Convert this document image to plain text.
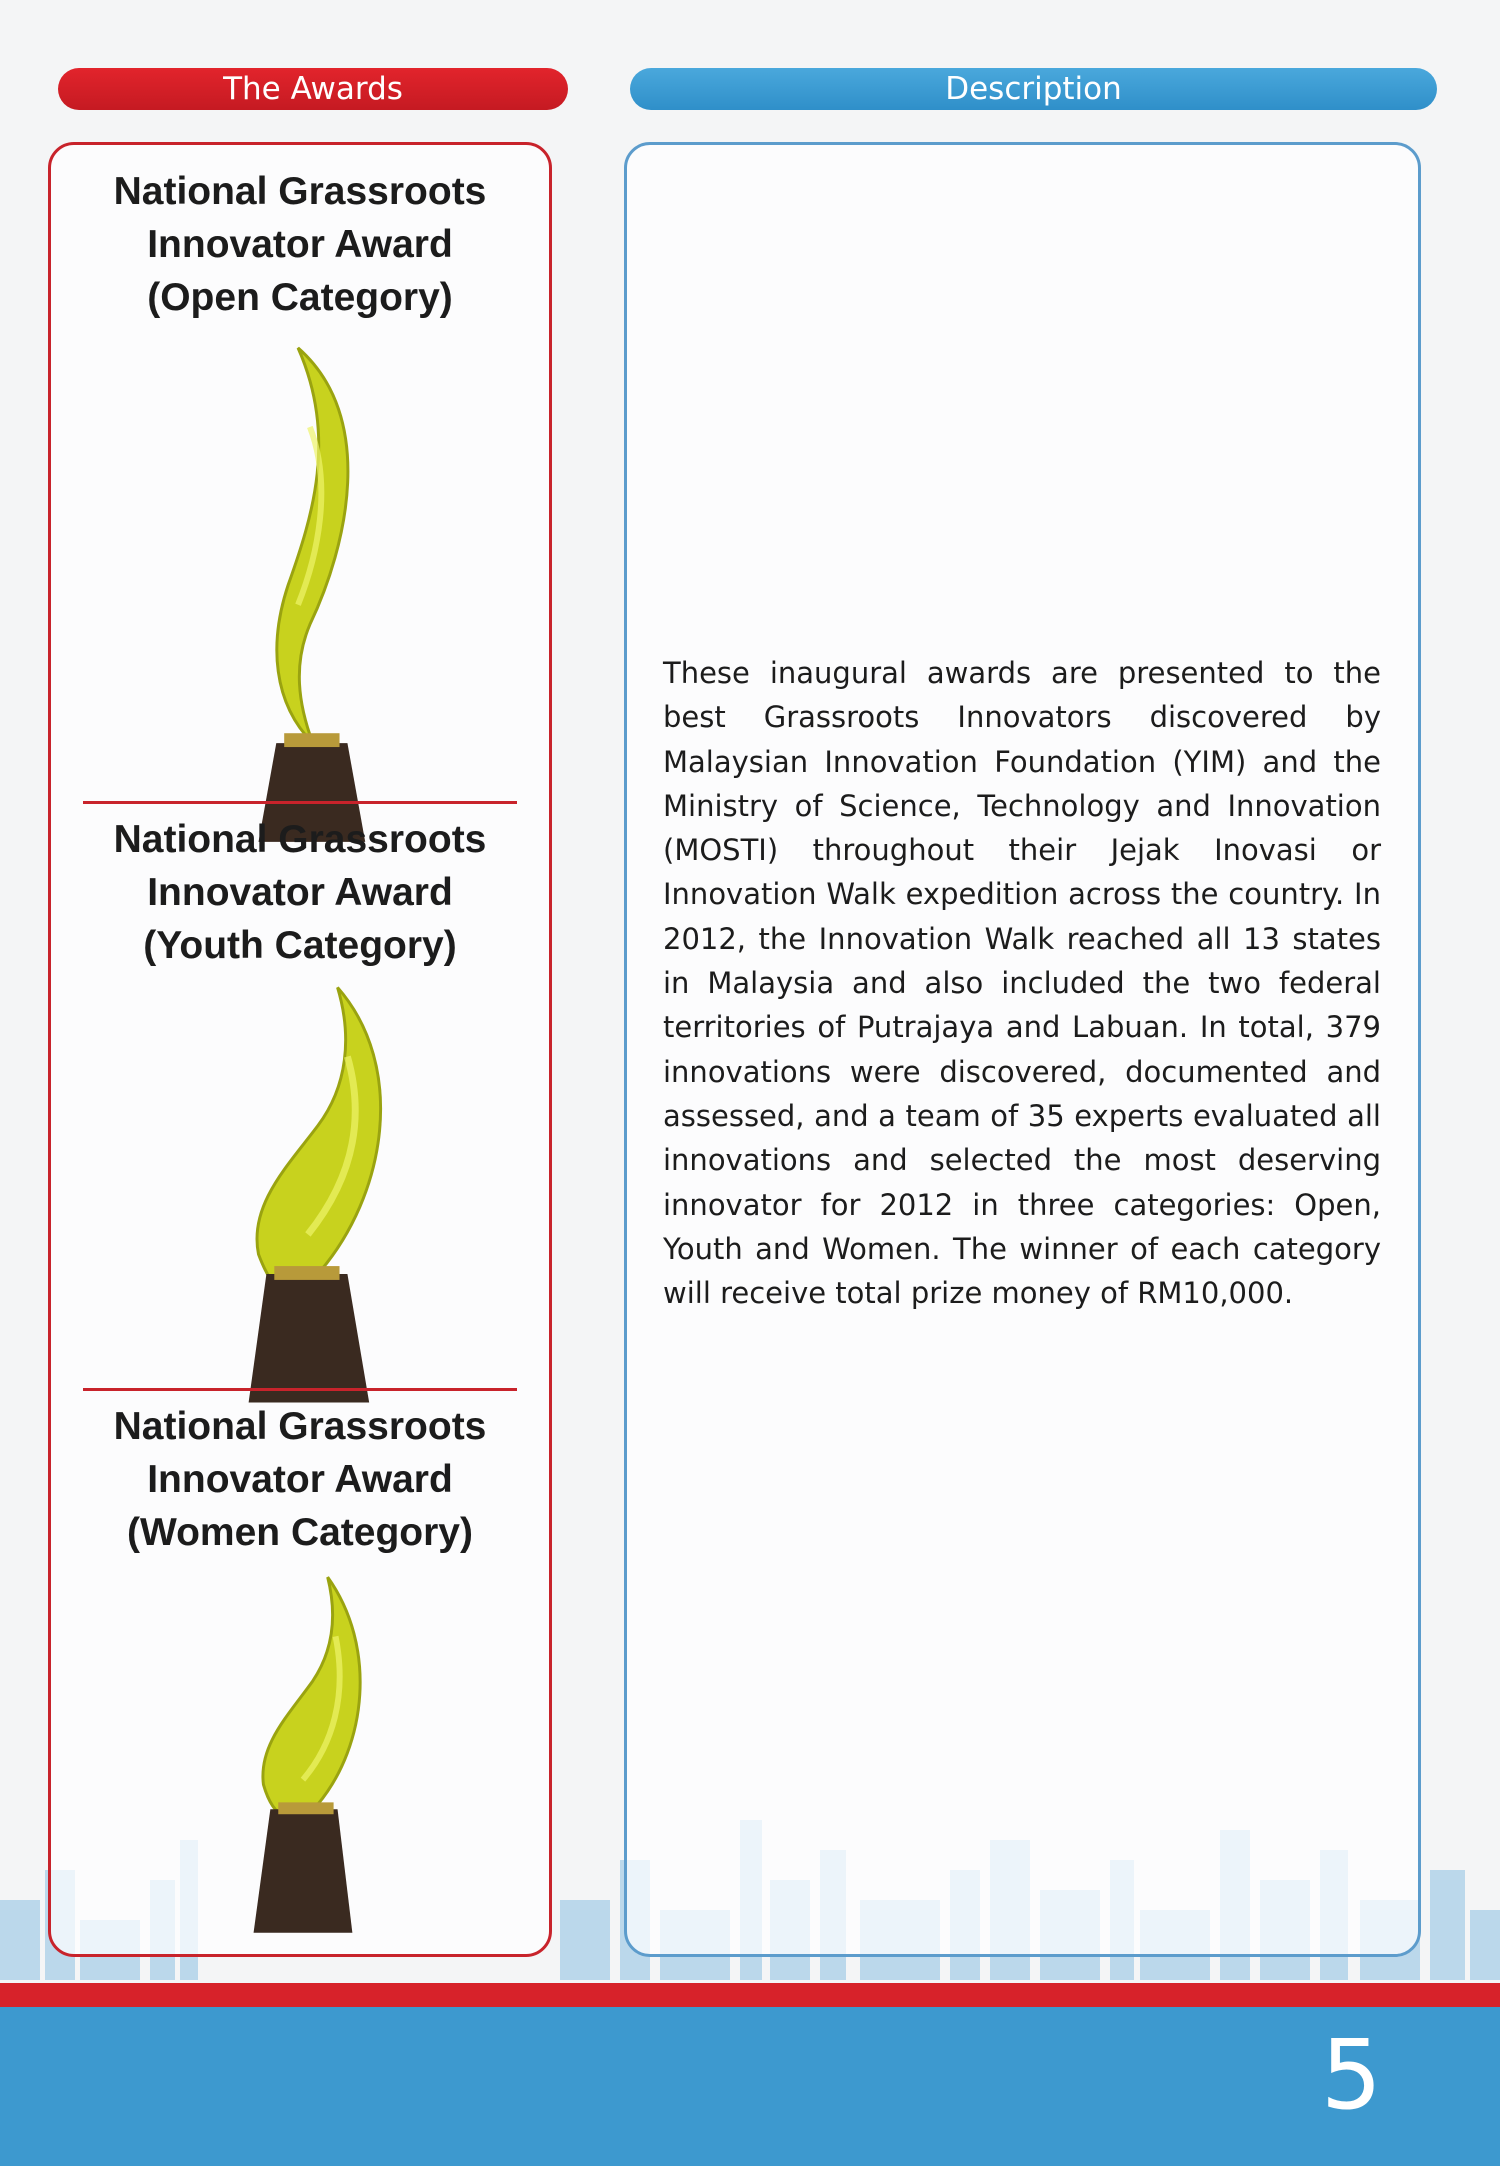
The Awards	Description

National Grassroots

Innovator Award

(Open Category)

National Grassroots

Innovator Award

(Youth Category)

National Grassroots

Innovator Award

(Women Category)

These inaugural awards are presented to the best Grassroots Innovators discovered by Malaysian Innovation Foundation (YIM) and the Ministry of Science, Technology and Innovation (MOSTI) throughout their Jejak Inovasi or Innovation Walk expedition across the country. In 2012, the Innovation Walk reached all 13 states in Malaysia and also included the two federal territories of Putrajaya and Labuan. In total, 379 innovations were discovered, documented and assessed, and a team of 35 experts evaluated all innovations and selected the most deserving innovator for 2012 in three categories: Open, Youth and Women. The winner of each category will receive total prize money of RM10,000.

5
